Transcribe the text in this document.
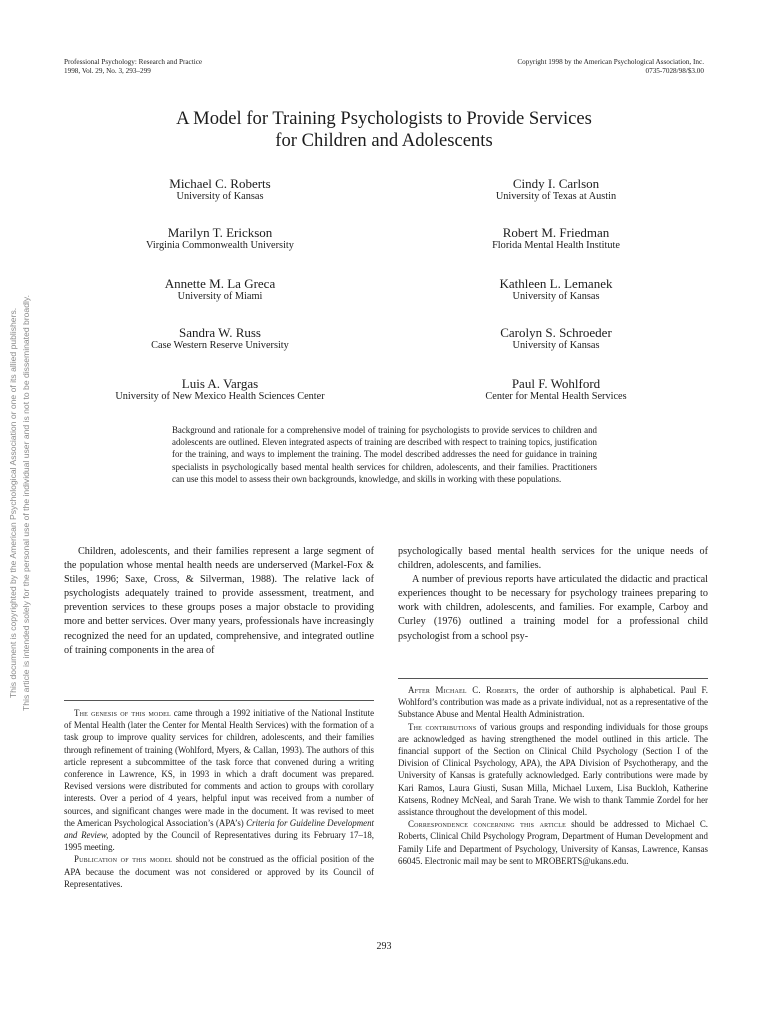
Professional Psychology: Research and Practice
1998, Vol. 29, No. 3, 293–299
Copyright 1998 by the American Psychological Association, Inc.
0735-7028/98/$3.00
A Model for Training Psychologists to Provide Services
for Children and Adolescents
Michael C. Roberts
University of Kansas
Cindy I. Carlson
University of Texas at Austin
Marilyn T. Erickson
Virginia Commonwealth University
Robert M. Friedman
Florida Mental Health Institute
Annette M. La Greca
University of Miami
Kathleen L. Lemanek
University of Kansas
Sandra W. Russ
Case Western Reserve University
Carolyn S. Schroeder
University of Kansas
Luis A. Vargas
University of New Mexico Health Sciences Center
Paul F. Wohlford
Center for Mental Health Services
Background and rationale for a comprehensive model of training for psychologists to provide services to children and adolescents are outlined. Eleven integrated aspects of training are described with respect to training topics, justification for the training, and ways to implement the training. The model described addresses the need for guidance in training specialists in psychologically based mental health services for children, adolescents, and their families. Practitioners can use this model to assess their own backgrounds, knowledge, and skills in working with these populations.

Children, adolescents, and their families represent a large segment of the population whose mental health needs are underserved (Markel-Fox & Stiles, 1996; Saxe, Cross, & Silverman, 1988). The relative lack of psychologists adequately trained to provide assessment, treatment, and prevention services to these groups poses a major obstacle to providing more and better services. Over many years, professionals have increasingly recognized the need for an updated, comprehensive, and integrated outline of training components in the area of

psychologically based mental health services for the unique needs of children, adolescents, and families.

A number of previous reports have articulated the didactic and practical experiences thought to be necessary for psychology trainees preparing to work with children, adolescents, and families. For example, Carboy and Curley (1976) outlined a training model for a professional child psychologist from a school psy-

The genesis of this model came through a 1992 initiative of the National Institute of Mental Health (later the Center for Mental Health Services) with the formation of a task group to improve quality services for children, adolescents, and their families through refinement of training (Wohlford, Myers, & Callan, 1993). The authors of this article represent a subcommittee of the task force that convened during a writing conference in Lawrence, KS, in 1993 in which a draft document was prepared. Revised versions were distributed for comments and action to groups with corollary interests. Over a period of 4 years, helpful input was received from a number of sources, and significant changes were made in the document. It was revised to meet the American Psychological Association’s (APA’s) Criteria for Guideline Development and Review, adopted by the Council of Representatives during its February 17–18, 1995 meeting.

Publication of this model should not be construed as the official position of the APA because the document was not considered or approved by its Council of Representatives.

After Michael C. Roberts, the order of authorship is alphabetical. Paul F. Wohlford’s contribution was made as a private individual, not as a representative of the Substance Abuse and Mental Health Administration.

The contributions of various groups and responding individuals for those groups are acknowledged as having strengthened the model outlined in this article. The financial support of the Section on Clinical Child Psychology (Section I of the Division of Clinical Psychology, APA), the APA Division of Psychotherapy, and the University of Kansas is gratefully acknowledged. Early contributions were made by Kari Ramos, Laura Giusti, Susan Milla, Michael Luxem, Lisa Buckloh, Katherine Katsens, Rodney McNeal, and Sarah Trane. We wish to thank Tammie Zordel for her assistance throughout the development of this model.

Correspondence concerning this article should be addressed to Michael C. Roberts, Clinical Child Psychology Program, Department of Human Development and Family Life and Department of Psychology, University of Kansas, Lawrence, Kansas 66045. Electronic mail may be sent to MROBERTS@ukans.edu.

293
This document is copyrighted by the American Psychological Association or one of its allied publishers. This article is intended solely for the personal use of the individual user and is not to be disseminated broadly.
